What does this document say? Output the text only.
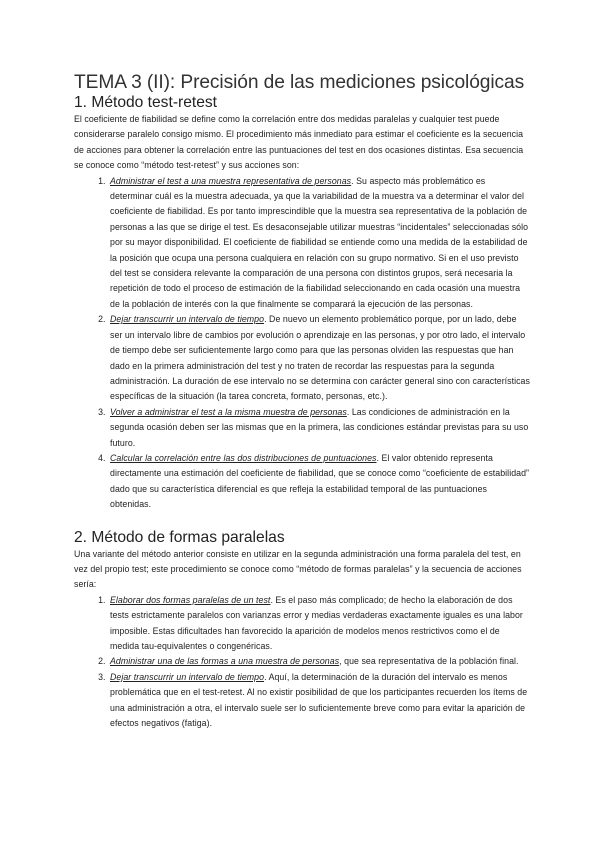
TEMA 3 (II): Precisión de las mediciones psicológicas
1. Método test-retest

El coeficiente de fiabilidad se define como la correlación entre dos medidas paralelas y cualquier test puede considerarse paralelo consigo mismo. El procedimiento más inmediato para estimar el coeficiente es la secuencia de acciones para obtener la correlación entre las puntuaciones del test en dos ocasiones distintas. Esa secuencia se conoce como “método test-retest” y sus acciones son:

1. Administrar el test a una muestra representativa de personas. Su aspecto más problemático es determinar cuál es la muestra adecuada, ya que la variabilidad de la muestra va a determinar el valor del coeficiente de fiabilidad. Es por tanto imprescindible que la muestra sea representativa de la población de personas a las que se dirige el test. Es desaconsejable utilizar muestras “incidentales” seleccionadas sólo por su mayor disponibilidad. El coeficiente de fiabilidad se entiende como una medida de la estabilidad de la posición que ocupa una persona cualquiera en relación con su grupo normativo. Si en el uso previsto del test se considera relevante la comparación de una persona con distintos grupos, será necesaria la repetición de todo el proceso de estimación de la fiabilidad seleccionando en cada ocasión una muestra de la población de interés con la que finalmente se comparará la ejecución de las personas.
2. Dejar transcurrir un intervalo de tiempo. De nuevo un elemento problemático porque, por un lado, debe ser un intervalo libre de cambios por evolución o aprendizaje en las personas, y por otro lado, el intervalo de tiempo debe ser suficientemente largo como para que las personas olviden las respuestas que han dado en la primera administración del test y no traten de recordar las respuestas para la segunda administración. La duración de ese intervalo no se determina con carácter general sino con características específicas de la situación (la tarea concreta, formato, personas, etc.).
3. Volver a administrar el test a la misma muestra de personas. Las condiciones de administración en la segunda ocasión deben ser las mismas que en la primera, las condiciones estándar previstas para su uso futuro.
4. Calcular la correlación entre las dos distribuciones de puntuaciones. El valor obtenido representa directamente una estimación del coeficiente de fiabilidad, que se conoce como “coeficiente de estabilidad” dado que su característica diferencial es que refleja la estabilidad temporal de las puntuaciones obtenidas.
2. Método de formas paralelas

Una variante del método anterior consiste en utilizar en la segunda administración una forma paralela del test, en vez del propio test; este procedimiento se conoce como “método de formas paralelas” y la secuencia de acciones sería:

1. Elaborar dos formas paralelas de un test. Es el paso más complicado; de hecho la elaboración de dos tests estrictamente paralelos con varianzas error y medias verdaderas exactamente iguales es una labor imposible. Estas dificultades han favorecido la aparición de modelos menos restrictivos como el de medida tau-equivalentes o congenéricas.
2. Administrar una de las formas a una muestra de personas, que sea representativa de la población final.
3. Dejar transcurrir un intervalo de tiempo. Aquí, la determinación de la duración del intervalo es menos problemática que en el test-retest. Al no existir posibilidad de que los participantes recuerden los ítems de una administración a otra, el intervalo suele ser lo suficientemente breve como para evitar la aparición de efectos negativos (fatiga).
